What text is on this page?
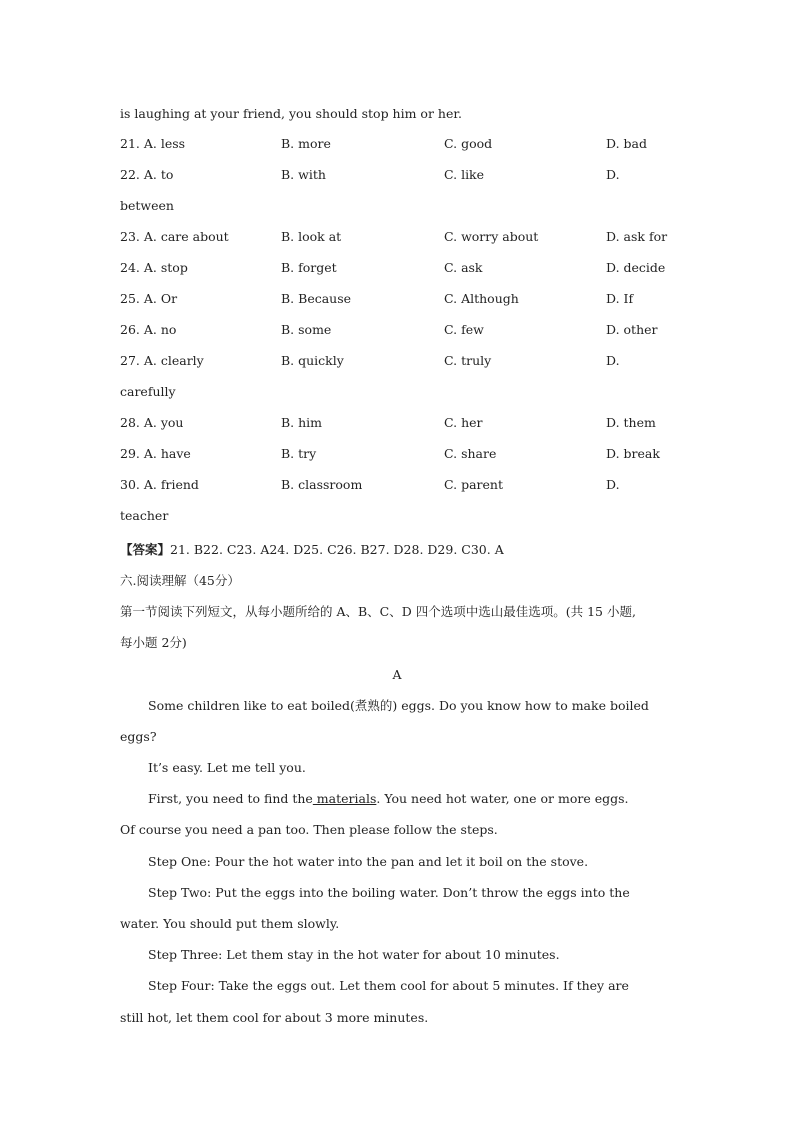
is laughing at your friend, you should stop him or her.
21. A. less	B. more	C. good	D. bad
22. A. to	B. with	C. like	D.
between
23. A. care about	B. look at	C. worry about	D. ask for
24. A. stop	B. forget	C. ask	D. decide
25. A. Or	B. Because	C. Although	D. If
26. A. no	B. some	C. few	D. other
27. A. clearly	B. quickly	C. truly	D.
carefully
28. A. you	B. him	C. her	D. them
29. A. have	B. try	C. share	D. break
30. A. friend	B. classroom	C. parent	D.
teacher
【答案】21. B22. C23. A24. D25. C26. B27. D28. D29. C30. A
六.阅读理解（45分）
第一节阅读下列短文，从每小题所给的 A、B、C、D 四个选项中选山最佳选项。(共 15 小题,
每小题 2分)
A
Some children like to eat boiled(煮熟的) eggs. Do you know how to make boiled
eggs?
It’s easy. Let me tell you.
First, you need to find the materials. You need hot water, one or more eggs.
Of course you need a pan too. Then please follow the steps.
Step One: Pour the hot water into the pan and let it boil on the stove.
Step Two: Put the eggs into the boiling water. Don’t throw the eggs into the
water. You should put them slowly.
Step Three: Let them stay in the hot water for about 10 minutes.
Step Four: Take the eggs out. Let them cool for about 5 minutes. If they are
still hot, let them cool for about 3 more minutes.
